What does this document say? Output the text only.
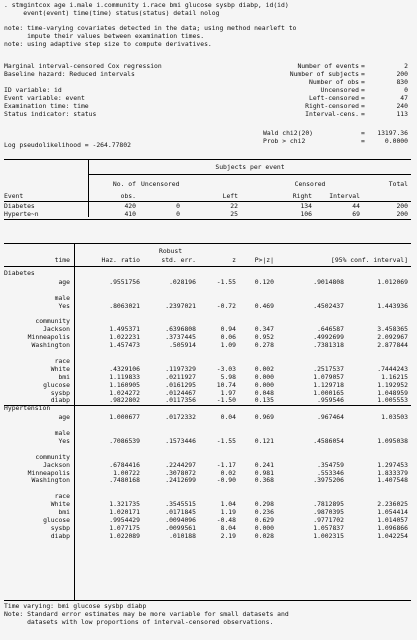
. stmgintcox age i.male i.community i.race bmi glucose sysbp diabp, id(id)
event(event) time(time) status(status) detail nolog
note: time-varying covariates detected in the data; using method nearleft to
impute their values between examination times.
note: using adaptive step size to compute derivatives.
Marginal interval-censored Cox regression
Baseline hazard: Reduced intervals
ID variable: id
Event variable: event
Examination time: time
Status indicator: status
Number of events =	2
Number of subjects =	200
Number of obs =	830
Uncensored =	0
Left-censored =	47
Right-censored =	240
Interval-cens. =	113
Wald chi2(20)	=	13197.36
Prob > chi2	=	0.0000
Log pseudolikelihood = -264.77802
Subjects per event
Censored
No. of	Total
Uncensored
Event	obs.	Left	Right	Interval
Diabetes	420	0	22	134	44	200
Hyperte~n	410	0	25	106	69	200
Robust
time	Haz. ratio	std. err.	z	P>|z|	[95% conf. interval]
Diabetes
age	.9551756	.028196	-1.55	0.120	.9014808	1.012069
male
Yes	.8063021	.2397021	-0.72	0.469	.4502437	1.443936
community
Jackson	1.495371	.6396808	0.94	0.347	.646587	3.458365
Minneapolis	1.022231	.3737445	0.06	0.952	.4992699	2.092967
Washington	1.457473	.505914	1.09	0.278	.7381318	2.877844
race
White	.4329106	.1197329	-3.03	0.002	.2517537	.7444243
bmi	1.119833	.0211927	5.98	0.000	1.079057	1.16215
glucose	1.160905	.0161295	10.74	0.000	1.129718	1.192952
sysbp	1.024272	.0124467	1.97	0.048	1.000165	1.048959
diabp	.9822802	.0117356	-1.50	0.135	.959546	1.005553
Hypertension
age	1.000677	.0172332	0.04	0.969	.967464	1.03503
male
Yes	.7086539	.1573446	-1.55	0.121	.4586054	1.095038
community
Jackson	.6784416	.2244297	-1.17	0.241	.354759	1.297453
Minneapolis	1.00722	.3078072	0.02	0.981	.553346	1.833379
Washington	.7480168	.2412699	-0.90	0.368	.3975206	1.407548
race
White	1.321735	.3545515	1.04	0.298	.7812895	2.236025
bmi	1.020171	.0171845	1.19	0.236	.9870395	1.054414
glucose	.9954429	.0094096	-0.48	0.629	.9771702	1.014057
sysbp	1.077175	.0099561	8.04	0.000	1.057837	1.096866
diabp	1.022089	.010188	2.19	0.028	1.002315	1.042254
Time varying: bmi glucose sysbp diabp
Note: Standard error estimates may be more variable for small datasets and
datasets with low proportions of interval-censored observations.
